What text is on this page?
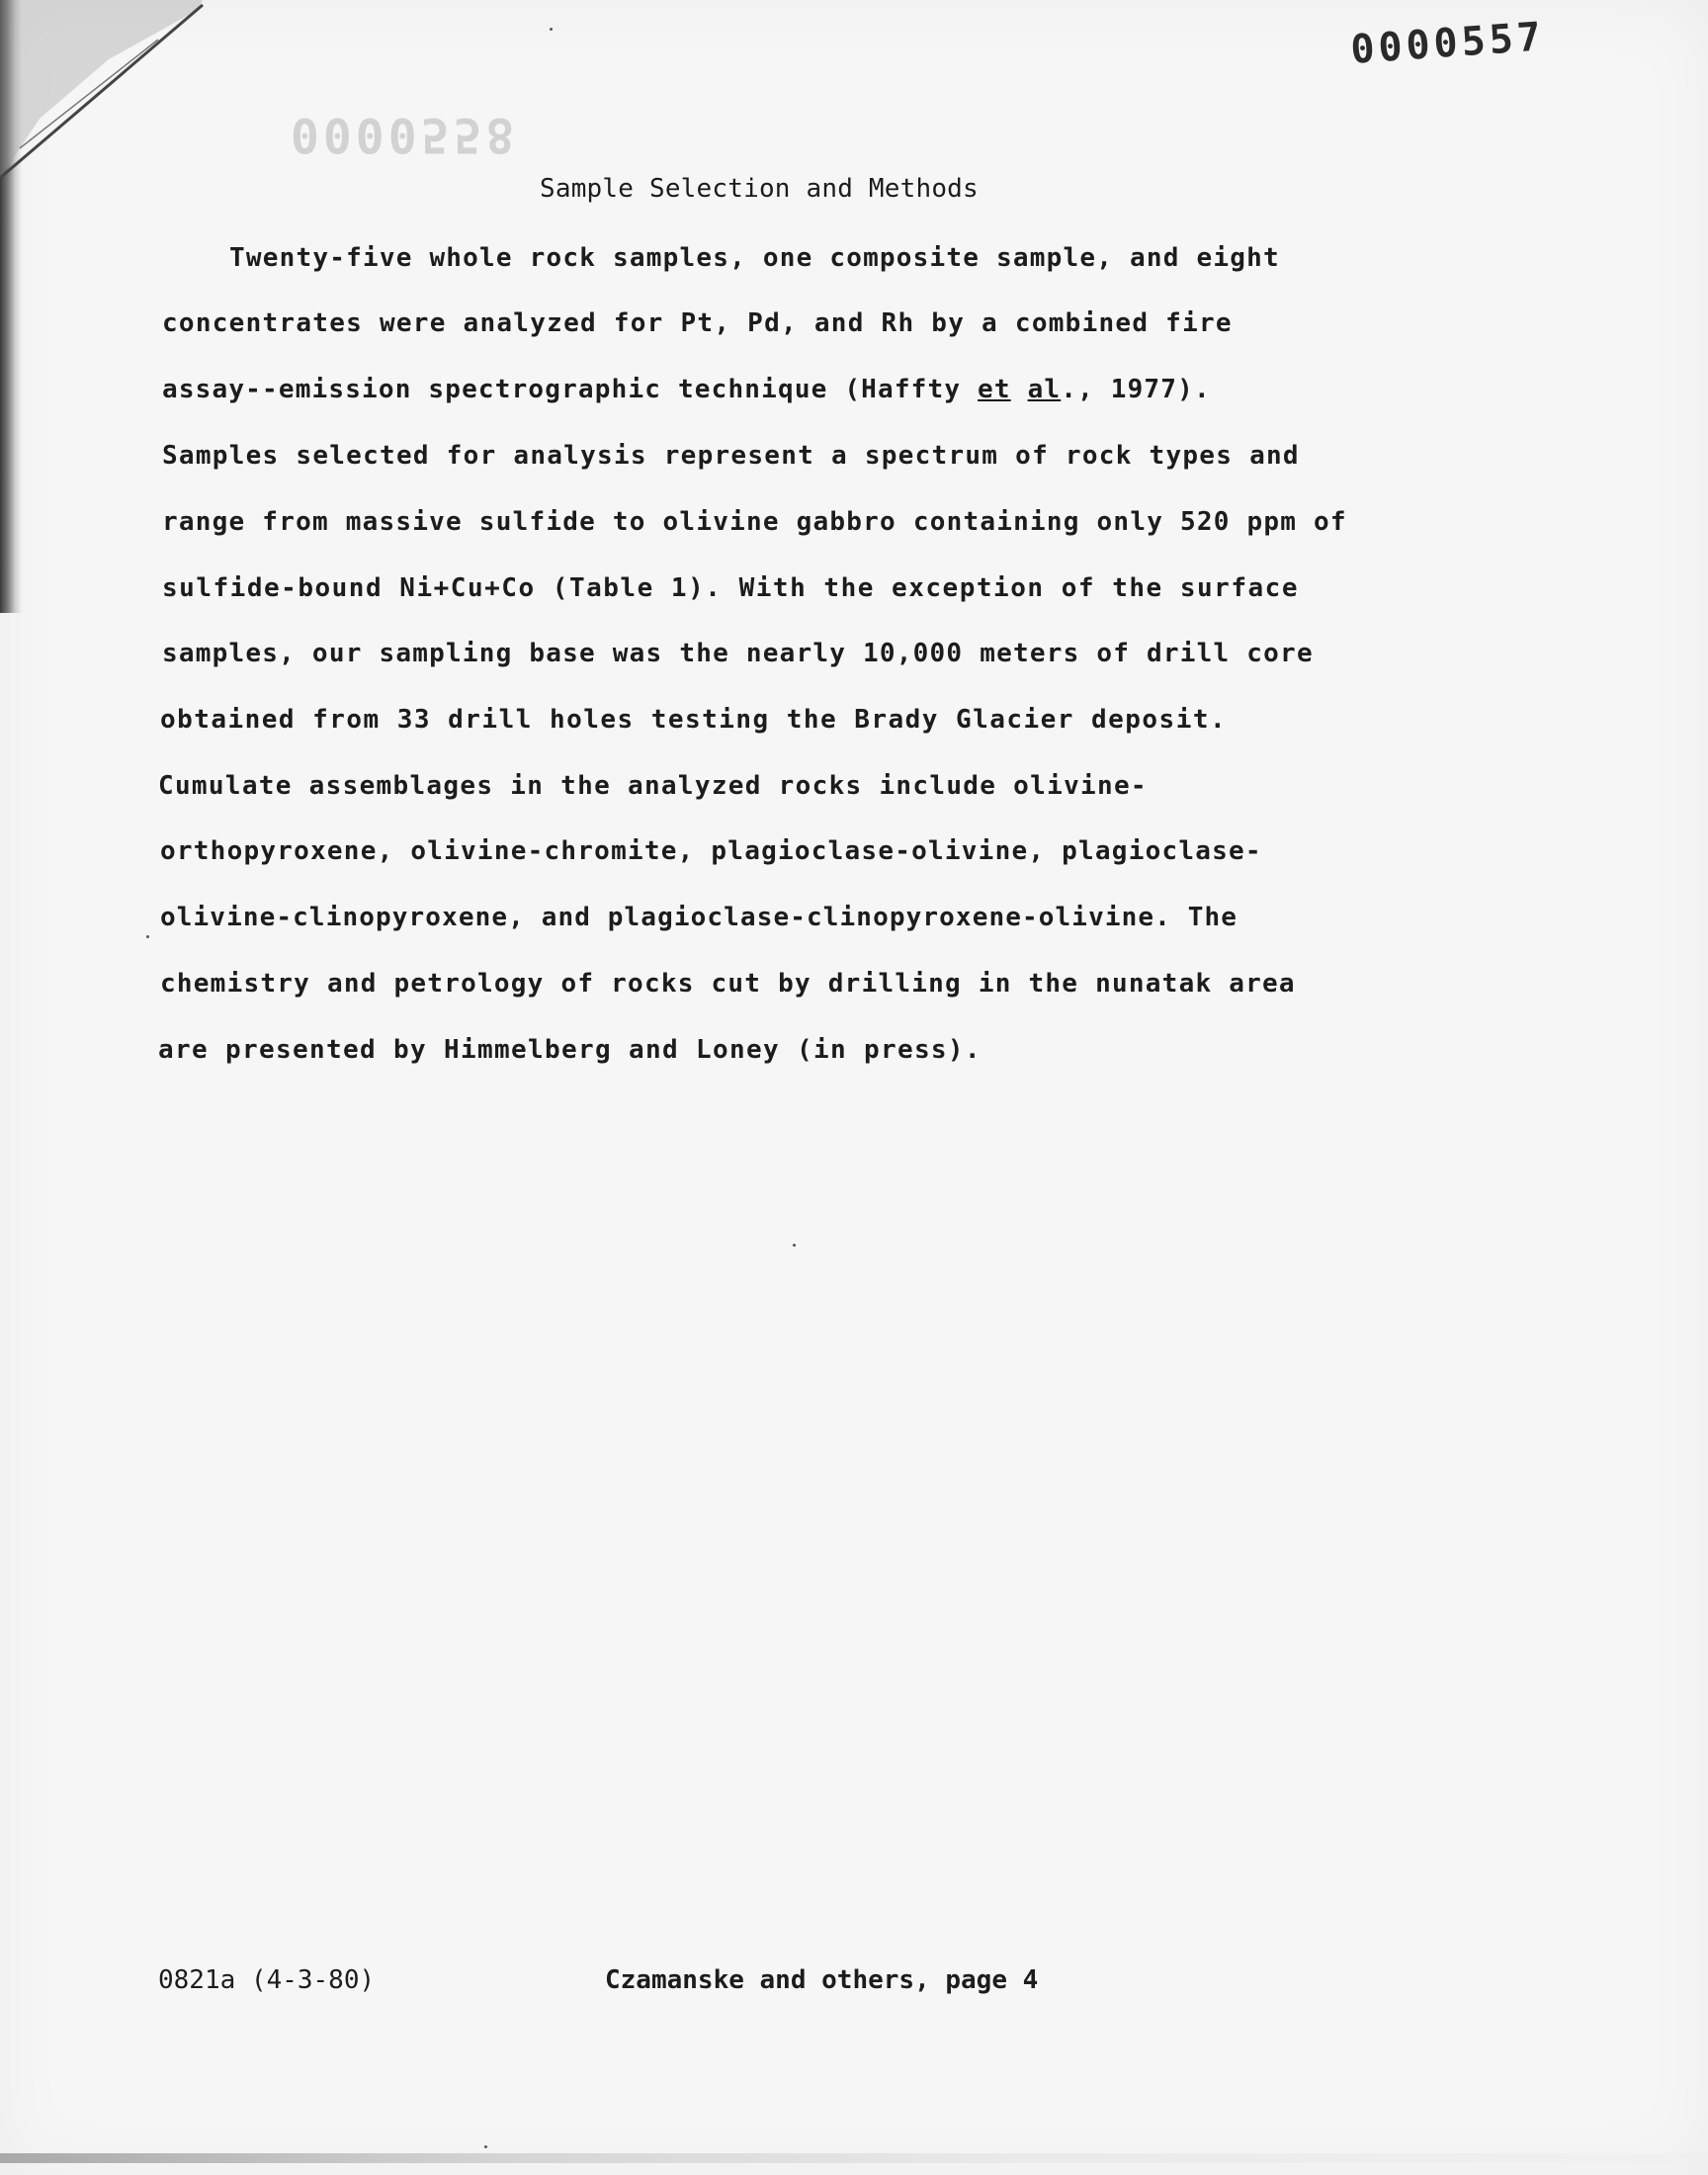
0000557
0000558
Sample Selection and Methods
Twenty-five whole rock samples, one composite sample, and eight
concentrates were analyzed for Pt, Pd, and Rh by a combined fire
assay--emission spectrographic technique (Haffty et al., 1977).
Samples selected for analysis represent a spectrum of rock types and
range from massive sulfide to olivine gabbro containing only 520 ppm of
sulfide-bound Ni+Cu+Co (Table 1). With the exception of the surface
samples, our sampling base was the nearly 10,000 meters of drill core
obtained from 33 drill holes testing the Brady Glacier deposit.
Cumulate assemblages in the analyzed rocks include olivine-
orthopyroxene, olivine-chromite, plagioclase-olivine, plagioclase-
olivine-clinopyroxene, and plagioclase-clinopyroxene-olivine. The
chemistry and petrology of rocks cut by drilling in the nunatak area
are presented by Himmelberg and Loney (in press).
0821a (4-3-80)	Czamanske and others, page 4
